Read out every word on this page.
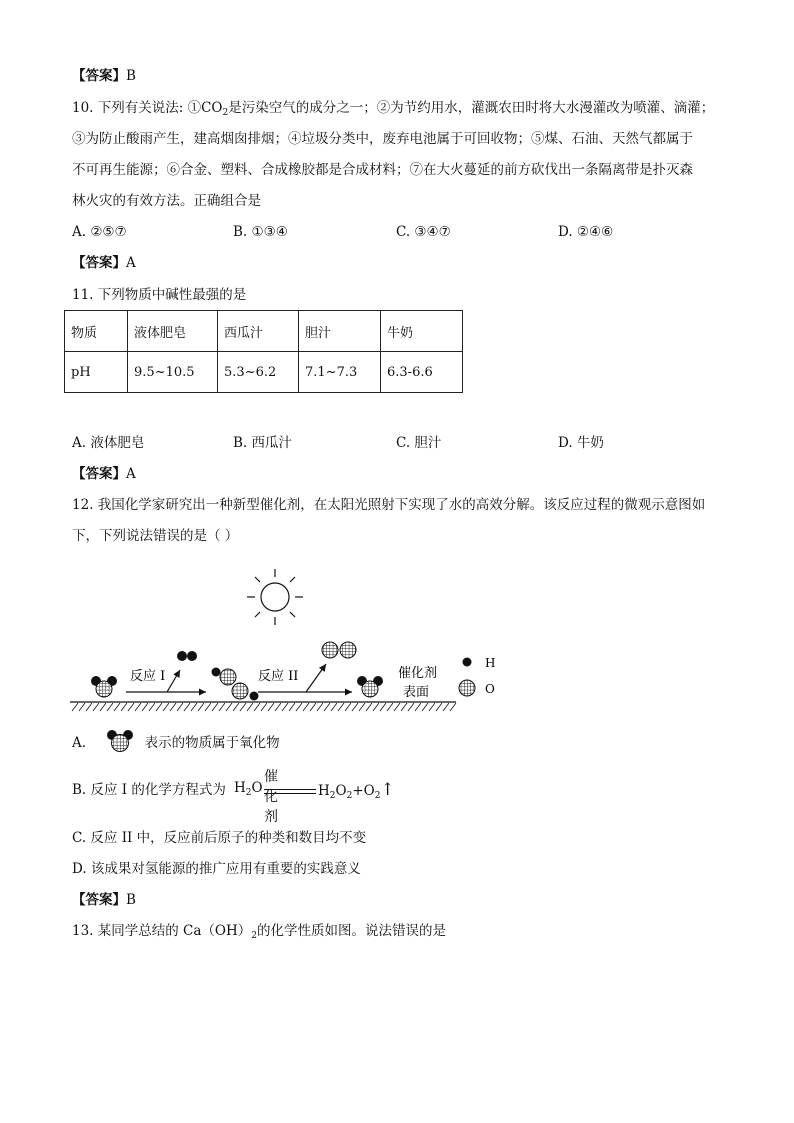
【答案】B
10. 下列有关说法: $①CO_2$是污染空气的成分之一；②为节约用水，灌溉农田时将大水漫灌改为喷灌、滴灌；
③为防止酸雨产生，建高烟囱排烟；④垃圾分类中，废弃电池属于可回收物；⑤煤、石油、天然气都属于
不可再生能源；⑥合金、塑料、合成橡胶都是合成材料；⑦在大火蔓延的前方砍伐出一条隔离带是扑灭森
林火灾的有效方法。正确组合是
A. ②⑤⑦	B. ①③④	C. ③④⑦	D. ②④⑥
【答案】A
11. 下列物质中碱性最强的是
物质	液体肥皂	西瓜汁	胆汁	牛奶
pH	9.5~10.5	5.3~6.2	7.1~7.3	6.3-6.6
A. 液体肥皂	B. 西瓜汁	C. 胆汁	D. 牛奶
【答案】A
12. 我国化学家研究出一种新型催化剂，在太阳光照射下实现了水的高效分解。该反应过程的微观示意图如
下，下列说法错误的是（ ）
反应 I	反应 II	催化剂
表面
H
O
A.	表示的物质属于氧化物
B. 反应 I 的化学方程式为 $H_2O$
催化剂
$H_2O_2+O_2↑$
C. 反应 II 中，反应前后原子的种类和数目均不变
D. 该成果对氢能源的推广应用有重要的实践意义
【答案】B
13. 某同学总结的 $Ca(OH)_2$的化学性质如图。说法错误的是
